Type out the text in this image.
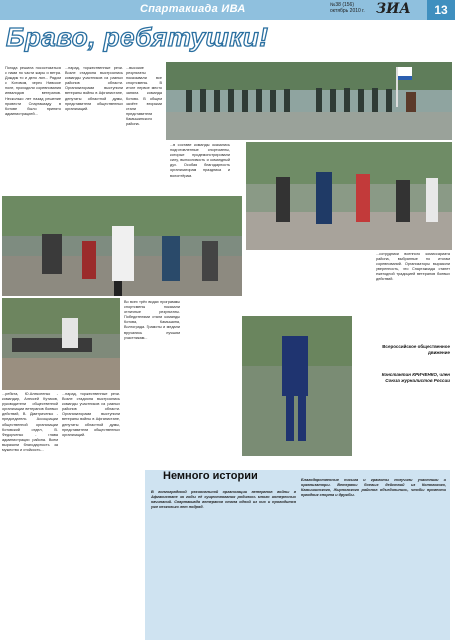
Спартакиада ИВА	№38 (156)
октябрь 2010 г. ЗИА	13
Браво, ребятушки!

Погода решила посостязаться с нами по части жары и ветра. Дождик то и дело лил... Рядом с Котовом, через Нивское поле, проходили соревнования инвалидов ветеранов. Несколько лет назад решение провести Спартакиаду в Котове было принято администрацией...

...парад, торжественные речи. Возле стадиона выстроились команды участников из разных районов области. Организаторами выступили ветераны войны в Афганистане, депутаты областной думы, представители общественных организаций.

...высокие результаты показывали все спортсмены. В итоге первое место заняла команда Котово. В общем зачёте вторыми стали представители Камышинского района.

...в составе команды оказались подготовленные спортсмены, которые продемонстрировали силу, выносливость и командный дух. Особая благодарность организаторам праздника и волонтёрам.

...сотрудники военного комиссариата района, выбранные по итогам соревнований. Организаторы выразили уверенность, что Спартакиада станет ежегодной традицией ветеранов боевых действий.

Во всех трёх видах программы спортсмены показали отличные результаты. Победителями стали команды Котова, Камышина, Волгограда. Грамоты и медали вручались лучшим участникам...

...ребята, Ю.Алексеенко - командир, Алексей Кутиков, руководители общественной организации ветеранов боевых действий, В. Дмитриченко - председатель Ассоциации общественной организации Котовский отдел, В. Федорченко - глава администрации района. Всем выразили благодарность за мужество и стойкость...

...парад, торжественные речи. Возле стадиона выстроились команды участников из разных районов области. Организаторами выступили ветераны войны в Афганистане, депутаты областной думы, представители общественных организаций.

Всероссийское общественное движение
Константин КРИЧЕНКО, член Союза журналистов России
Немного истории

В волгоградской региональной организации ветеранов войны в Афганистане за годы её существования родилось много интересных начинаний. Спартакиада ветеранов стала одной из них и проводится уже несколько лет подряд.

Благодарственные письма и грамоты получили участники и организаторы. Ветераны боевых действий из Котовского, Камышинского, Жирновского районов объединились, чтобы провести праздник спорта и дружбы.
